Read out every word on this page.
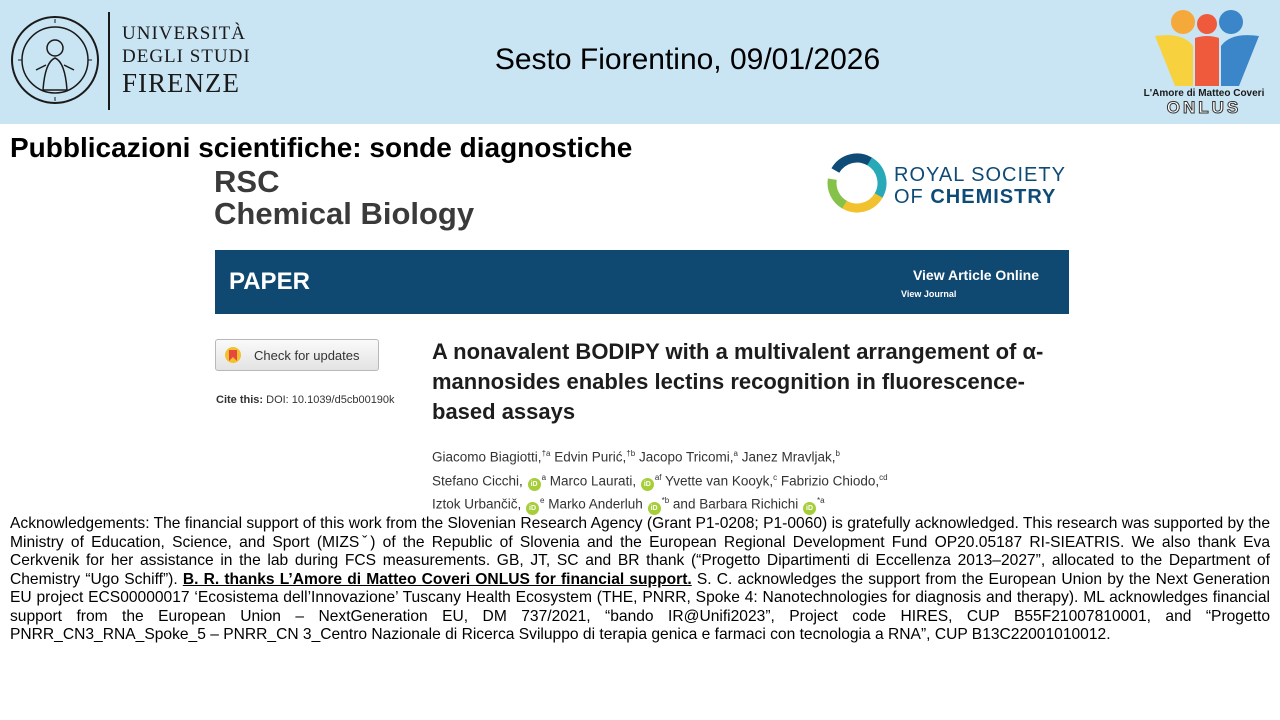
UNIVERSITÀ
DEGLI STUDI
FIRENZE
Sesto Fiorentino, 09/01/2026
L'Amore di Matteo Coveri
ONLUS
Pubblicazioni scientifiche: sonde diagnostiche
RSC
Chemical Biology
ROYAL SOCIETY
OF CHEMISTRY
PAPER	View Article Online
View Journal
Check for updates
Cite this: DOI: 10.1039/d5cb00190k
A nonavalent BODIPY with a multivalent arrangement of α-mannosides enables lectins recognition in fluorescence-based assays
Giacomo Biagiotti,$^{\dagger a}$ Edvin Purić,$^{\dagger b}$ Jacopo Tricomi,$^a$ Janez Mravljak,$^b$
Stefano Cicchi, $iD^a$ Marco Laurati, $iD^{af}$ Yvette van Kooyk,$^c$ Fabrizio Chiodo,$^{cd}$
Iztok Urbančič, $iD^e$ Marko Anderluh $iD^{*b}$ and Barbara Richichi $iD^{*a}$
Acknowledgements: The financial support of this work from the Slovenian Research Agency (Grant P1-0208; P1-0060) is gratefully acknowledged. This research was supported by the Ministry of Education, Science, and Sport (MIZSˇ) of the Republic of Slovenia and the European Regional Development Fund OP20.05187 RI-SIEATRIS. We also thank Eva Cerkvenik for her assistance in the lab during FCS measurements. GB, JT, SC and BR thank (“Progetto Dipartimenti di Eccellenza 2013–2027”, allocated to the Department of Chemistry “Ugo Schiff”). B. R. thanks L’Amore di Matteo Coveri ONLUS for financial support. S. C. acknowledges the support from the European Union by the Next Generation EU project ECS00000017 ‘Ecosistema dell’Innovazione’ Tuscany Health Ecosystem (THE, PNRR, Spoke 4: Nanotechnologies for diagnosis and therapy). ML acknowledges financial support from the European Union – NextGeneration EU, DM 737/2021, “bando IR@Unifi2023”, Project code HIRES, CUP B55F21007810001, and “Progetto PNRR_CN3_RNA_Spoke_5 – PNRR_CN 3_Centro Nazionale di Ricerca Sviluppo di terapia genica e farmaci con tecnologia a RNA”, CUP B13C22001010012.
